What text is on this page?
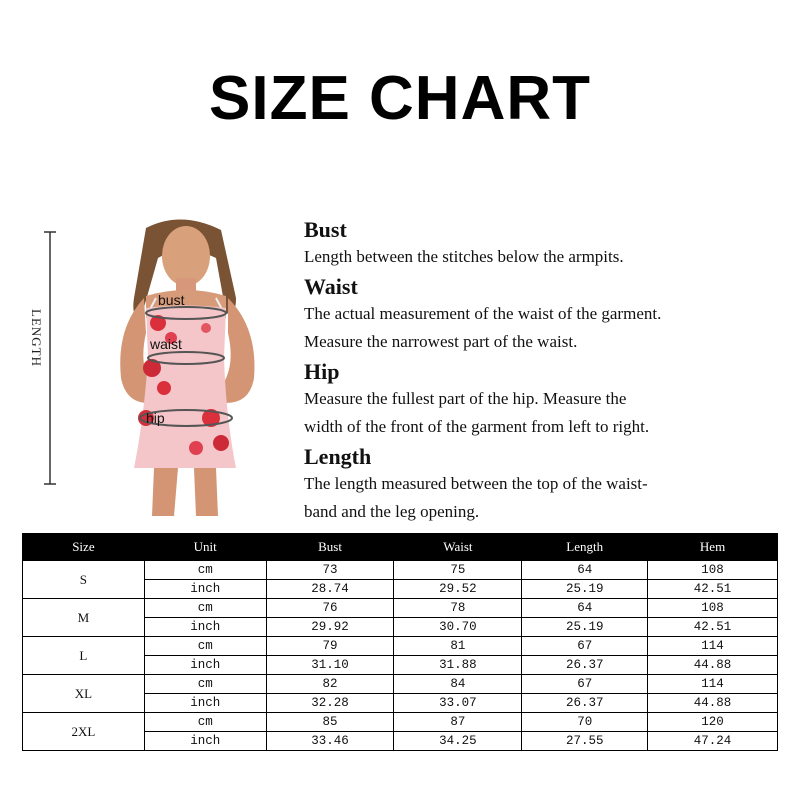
SIZE CHART
LENGTH
bust
waist
hip
Bust

Length between the stitches below the armpits.

Waist

The actual measurement of the waist of the garment.

Measure the narrowest part of the waist.

Hip

Measure the fullest part of the hip. Measure the

width of the front of the garment from left to right.

Length

The length measured between the top of the waist-

band and the leg opening.

Size	Unit	Bust	Waist	Length	Hem
S	cm	73	75	64	108
	inch	28.74	29.52	25.19	42.51
M	cm	76	78	64	108
	inch	29.92	30.70	25.19	42.51
L	cm	79	81	67	114
	inch	31.10	31.88	26.37	44.88
XL	cm	82	84	67	114
	inch	32.28	33.07	26.37	44.88
2XL	cm	85	87	70	120
	inch	33.46	34.25	27.55	47.24
